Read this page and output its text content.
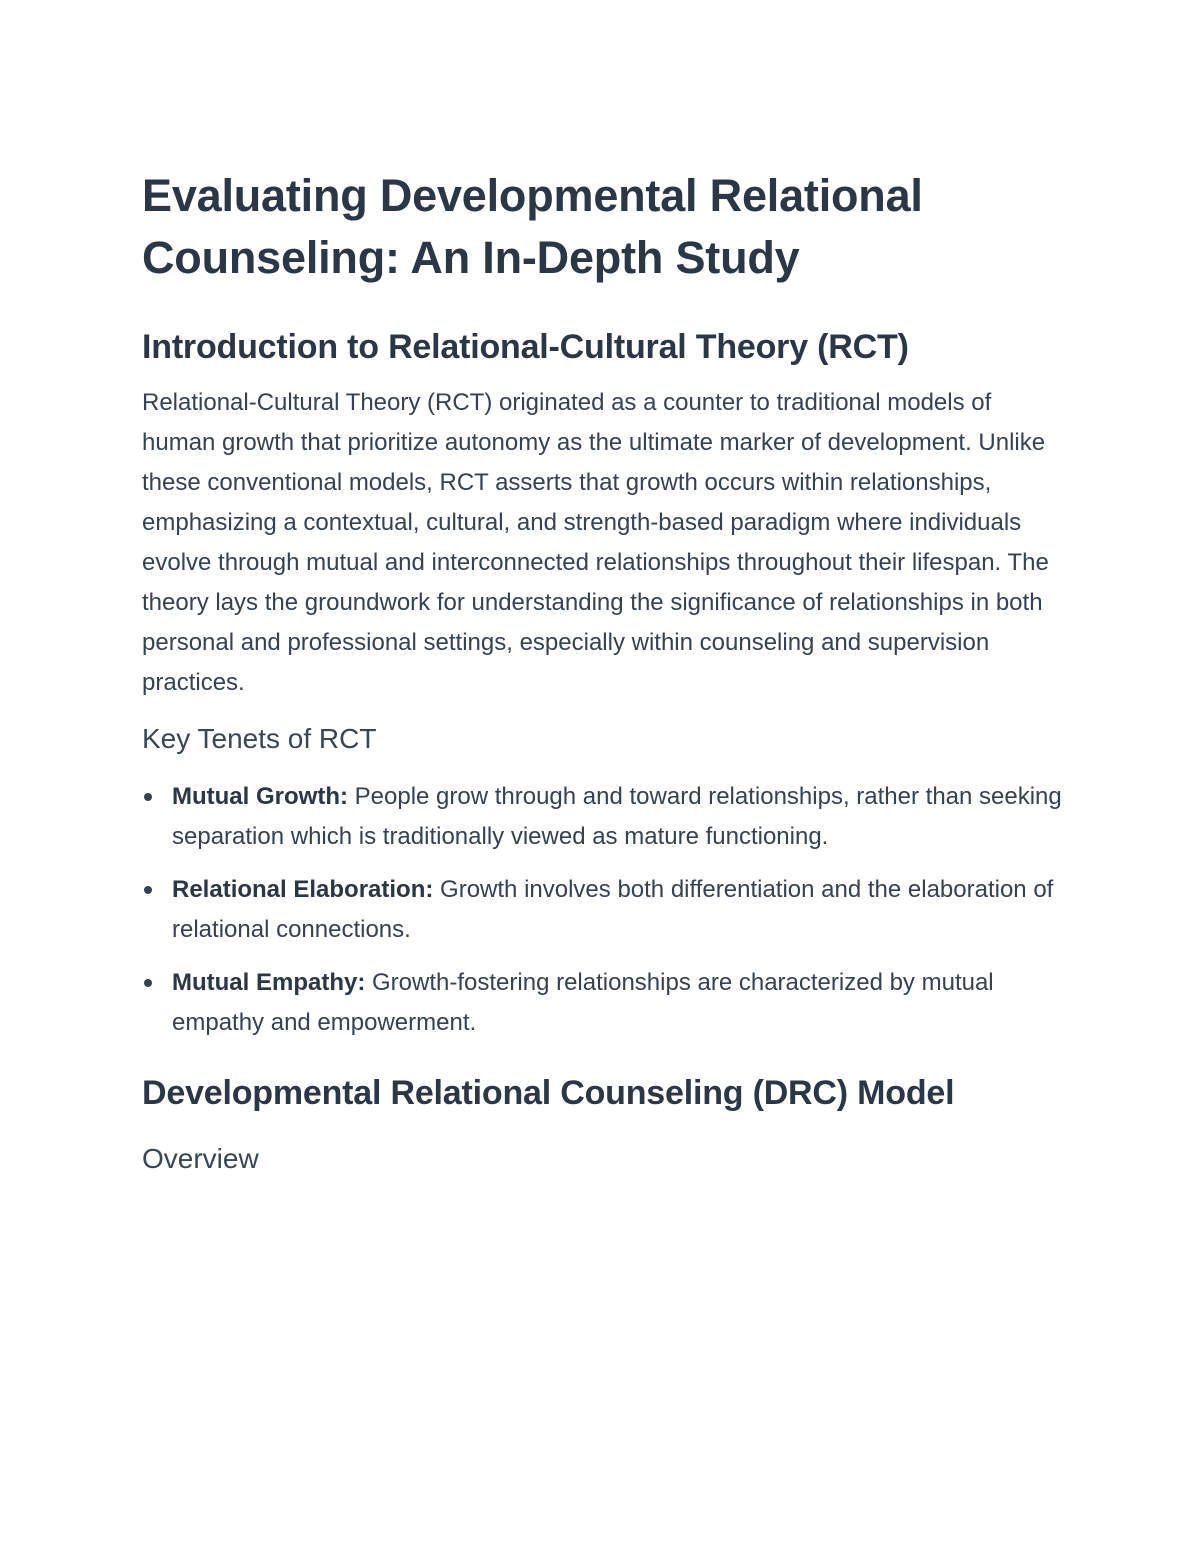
Evaluating Developmental Relational Counseling: An In-Depth Study
Introduction to Relational-Cultural Theory (RCT)

Relational-Cultural Theory (RCT) originated as a counter to traditional models of human growth that prioritize autonomy as the ultimate marker of development. Unlike these conventional models, RCT asserts that growth occurs within relationships, emphasizing a contextual, cultural, and strength-based paradigm where individuals evolve through mutual and interconnected relationships throughout their lifespan. The theory lays the groundwork for understanding the significance of relationships in both personal and professional settings, especially within counseling and supervision practices.

Key Tenets of RCT
Mutual Growth: People grow through and toward relationships, rather than seeking separation which is traditionally viewed as mature functioning.
Relational Elaboration: Growth involves both differentiation and the elaboration of relational connections.
Mutual Empathy: Growth-fostering relationships are characterized by mutual empathy and empowerment.
Developmental Relational Counseling (DRC) Model
Overview
